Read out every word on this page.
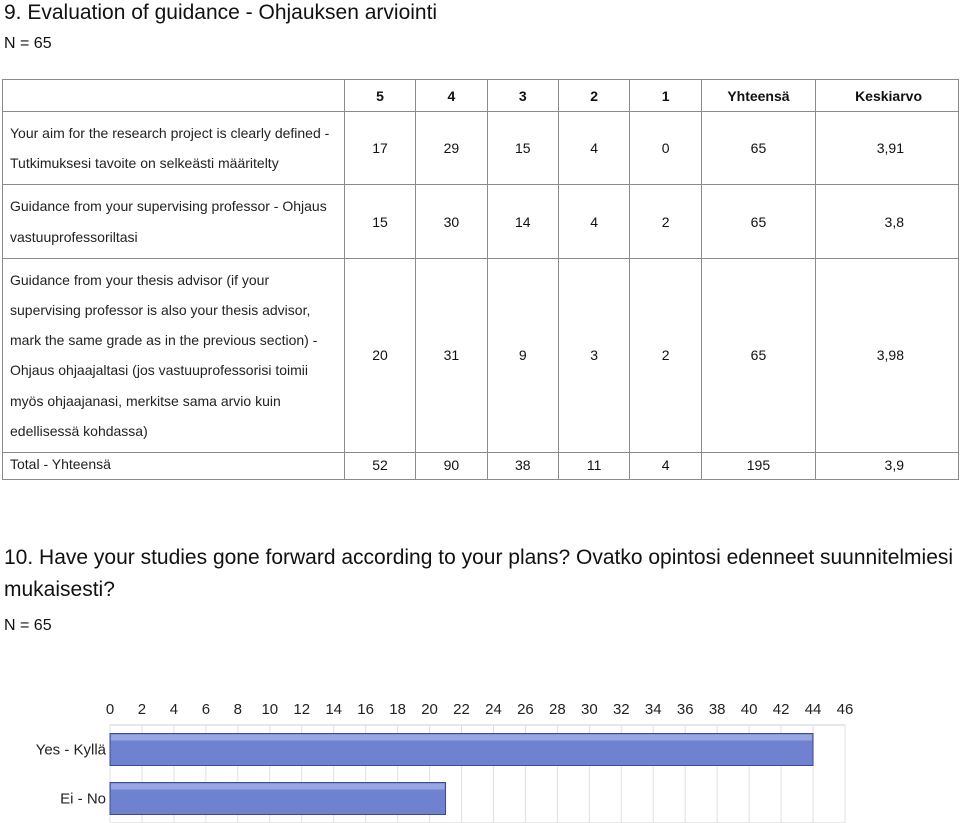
9. Evaluation of guidance - Ohjauksen arviointi
N = 65
	5	4	3	2	1	Yhteensä	Keskiarvo
Your aim for the research project is clearly defined - Tutkimuksesi tavoite on selkeästi määritelty	17	29	15	4	0	65	3,91
Guidance from your supervising professor - Ohjaus vastuuprofessoriltasi	15	30	14	4	2	65	3,8
Guidance from your thesis advisor (if your supervising professor is also your thesis advisor, mark the same grade as in the previous section) - Ohjaus ohjaajaltasi (jos vastuuprofessorisi toimii myös ohjaajanasi, merkitse sama arvio kuin edellisessä kohdassa)	20	31	9	3	2	65	3,98
Total - Yhteensä	52	90	38	11	4	195	3,9
10. Have your studies gone forward according to your plans? Ovatko opintosi edenneet suunnitelmiesi mukaisesti?
N = 65
0 2 4 6 8 10 12 14 16 18 20 22 24 26 28 30 32 34 36 38 40 42 44 46
Yes - Kyllä
Ei - No
